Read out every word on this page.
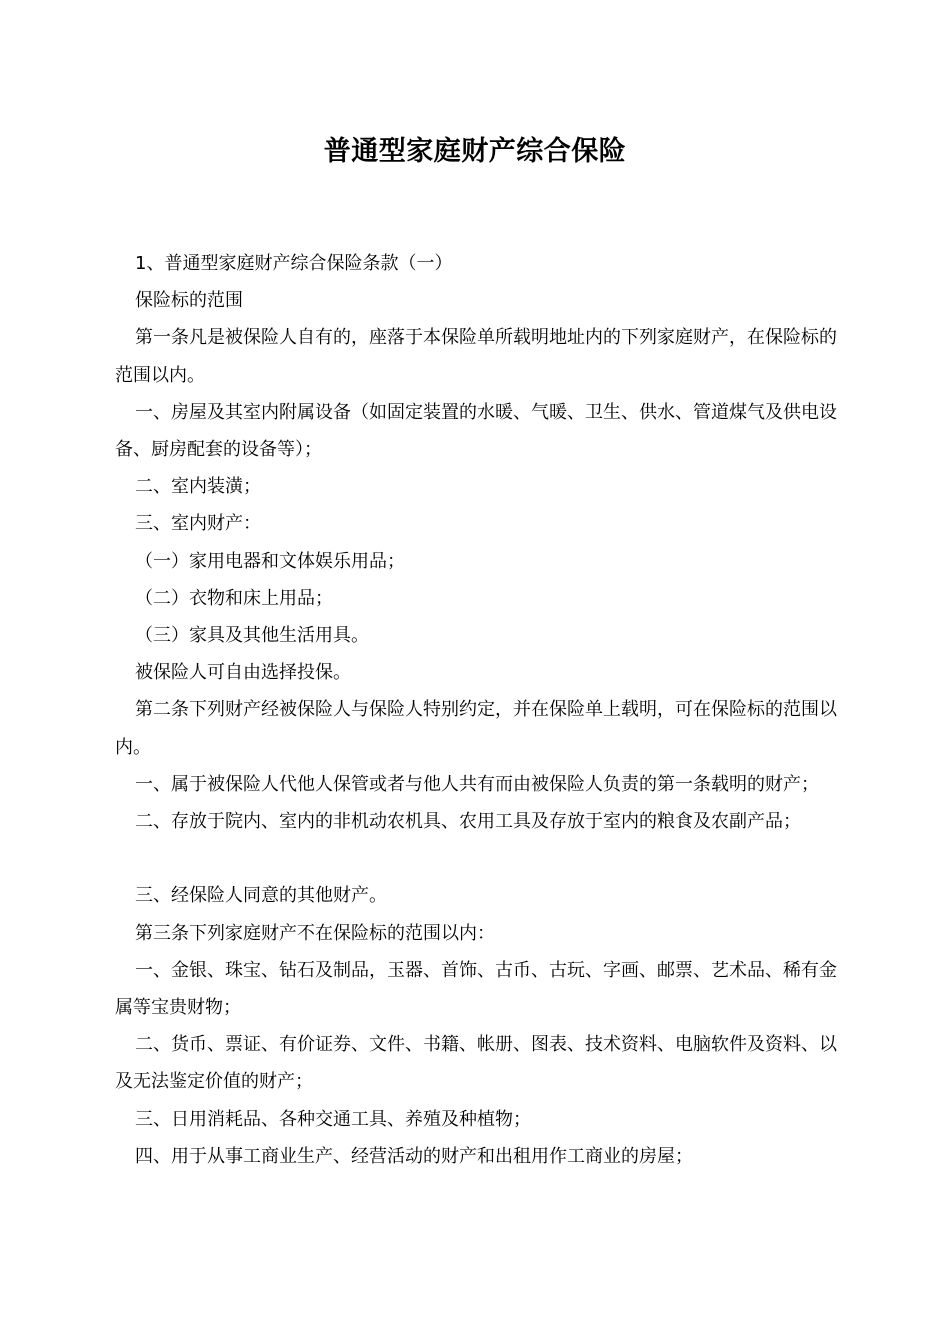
普通型家庭财产综合保险

1、普通型家庭财产综合保险条款（一）

保险标的范围

第一条凡是被保险人自有的，座落于本保险单所载明地址内的下列家庭财产，在保险标的范围以内。

一、房屋及其室内附属设备（如固定装置的水暖、气暖、卫生、供水、管道煤气及供电设备、厨房配套的设备等）；

二、室内装潢；

三、室内财产：

（一）家用电器和文体娱乐用品；

（二）衣物和床上用品；

（三）家具及其他生活用具。

被保险人可自由选择投保。

第二条下列财产经被保险人与保险人特别约定，并在保险单上载明，可在保险标的范围以内。

一、属于被保险人代他人保管或者与他人共有而由被保险人负责的第一条载明的财产；

二、存放于院内、室内的非机动农机具、农用工具及存放于室内的粮食及农副产品；

三、经保险人同意的其他财产。

第三条下列家庭财产不在保险标的范围以内：

一、金银、珠宝、钻石及制品，玉器、首饰、古币、古玩、字画、邮票、艺术品、稀有金属等宝贵财物；

二、货币、票证、有价证券、文件、书籍、帐册、图表、技术资料、电脑软件及资料、以及无法鉴定价值的财产；

三、日用消耗品、各种交通工具、养殖及种植物；

四、用于从事工商业生产、经营活动的财产和出租用作工商业的房屋；
